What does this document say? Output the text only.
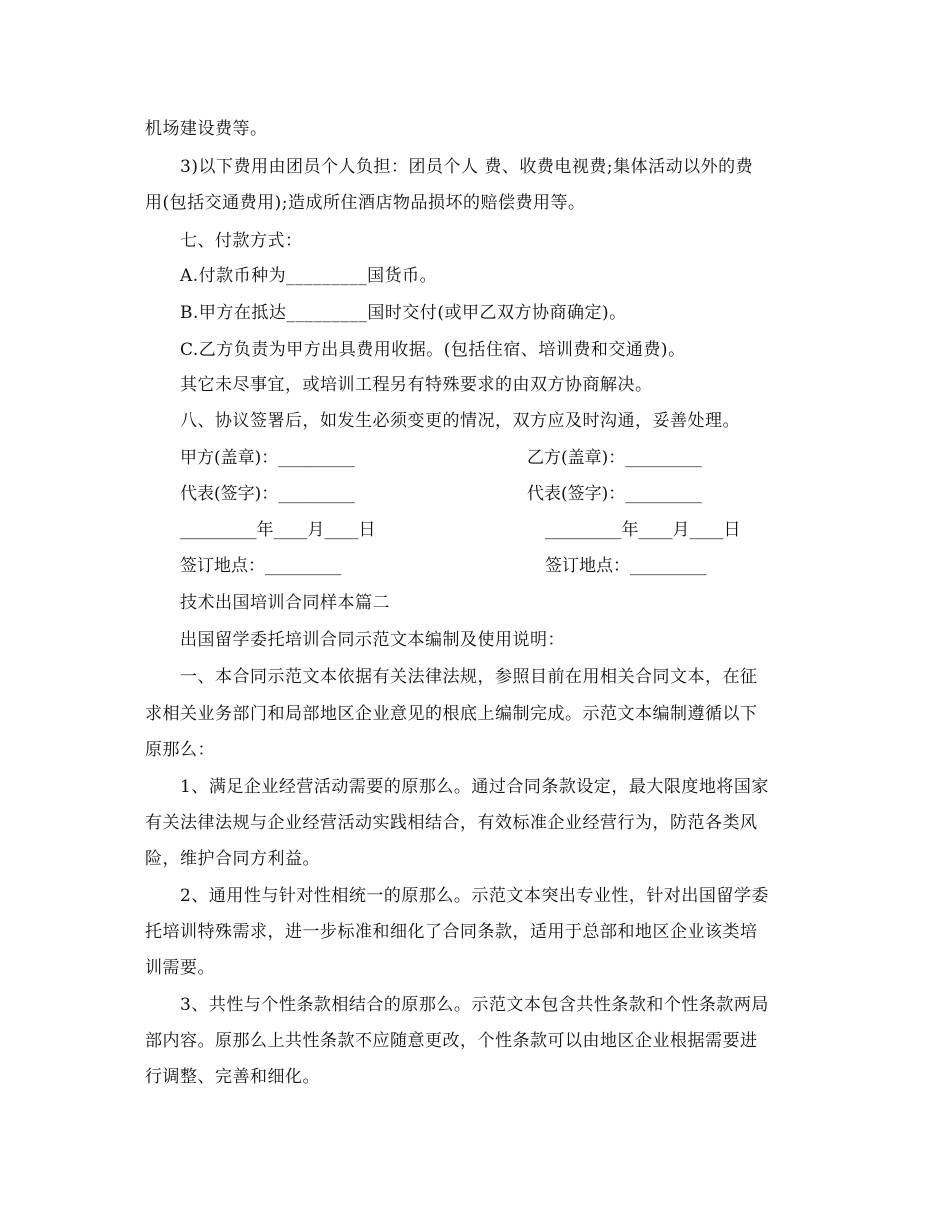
机场建设费等。
3)以下费用由团员个人负担：团员个人 费、收费电视费;集体活动以外的费
用(包括交通费用);造成所住酒店物品损坏的赔偿费用等。
七、付款方式：
A.付款币种为_________国货币。
B.甲方在抵达_________国时交付(或甲乙双方协商确定)。
C.乙方负责为甲方出具费用收据。(包括住宿、培训费和交通费)。
其它未尽事宜，或培训工程另有特殊要求的由双方协商解决。
八、协议签署后，如发生必须变更的情况，双方应及时沟通，妥善处理。
甲方(盖章)：_________	乙方(盖章)：_________
代表(签字)：_________	代表(签字)：_________
_________年____月____日	_________年____月____日
签订地点：_________	签订地点：_________
技术出国培训合同样本篇二
出国留学委托培训合同示范文本编制及使用说明：
一、本合同示范文本依据有关法律法规，参照目前在用相关合同文本，在征
求相关业务部门和局部地区企业意见的根底上编制完成。示范文本编制遵循以下
原那么：
1、满足企业经营活动需要的原那么。通过合同条款设定，最大限度地将国家
有关法律法规与企业经营活动实践相结合，有效标准企业经营行为，防范各类风
险，维护合同方利益。
2、通用性与针对性相统一的原那么。示范文本突出专业性，针对出国留学委
托培训特殊需求，进一步标准和细化了合同条款，适用于总部和地区企业该类培
训需要。
3、共性与个性条款相结合的原那么。示范文本包含共性条款和个性条款两局
部内容。原那么上共性条款不应随意更改，个性条款可以由地区企业根据需要进
行调整、完善和细化。
